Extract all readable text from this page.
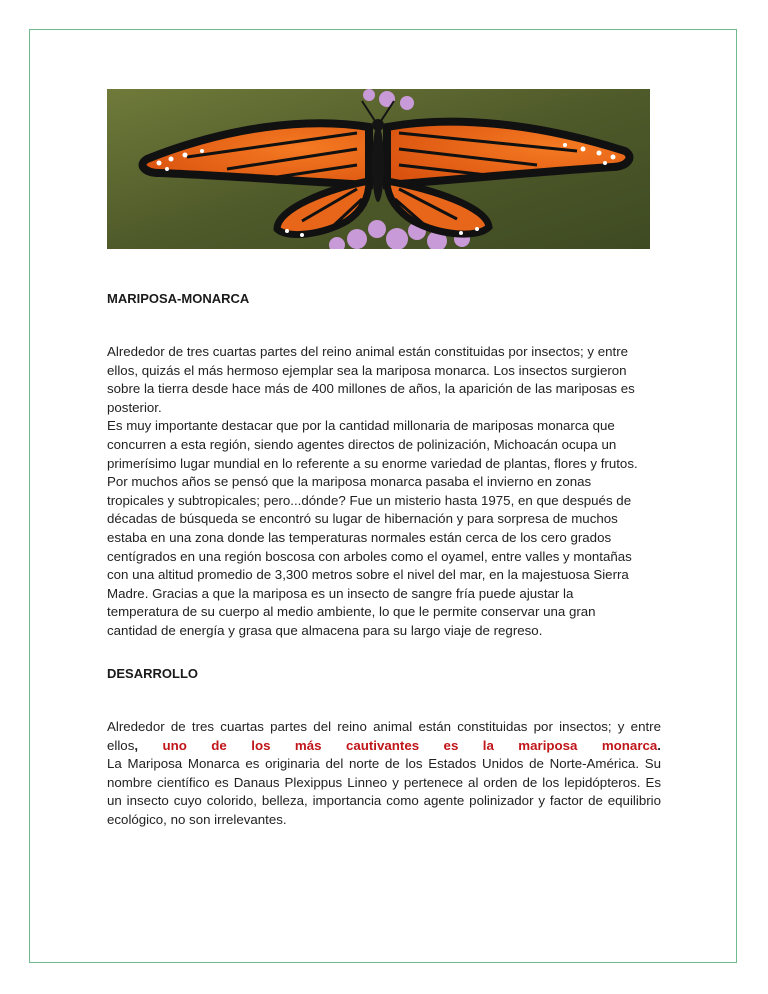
MARIPOSA-MONARCA

Alrededor de tres cuartas partes del reino animal están constituidas por insectos; y entre
ellos, quizás el más hermoso ejemplar sea la mariposa monarca. Los insectos surgieron
sobre la tierra desde hace más de 400 millones de años, la aparición de las mariposas es
posterior.
Es muy importante destacar que por la cantidad millonaria de mariposas monarca que
concurren a esta región, siendo agentes directos de polinización, Michoacán ocupa un
primerísimo lugar mundial en lo referente a su enorme variedad de plantas, flores y frutos.
Por muchos años se pensó que la mariposa monarca pasaba el invierno en zonas
tropicales y subtropicales; pero...dónde? Fue un misterio hasta 1975, en que después de
décadas de búsqueda se encontró su lugar de hibernación y para sorpresa de muchos
estaba en una zona donde las temperaturas normales están cerca de los cero grados
centígrados en una región boscosa con arboles como el oyamel, entre valles y montañas
con una altitud promedio de 3,300 metros sobre el nivel del mar, en la majestuosa Sierra
Madre. Gracias a que la mariposa es un insecto de sangre fría puede ajustar la
temperatura de su cuerpo al medio ambiente, lo que le permite conservar una gran
cantidad de energía y grasa que almacena para su largo viaje de regreso.

DESARROLLO
Alrededor de tres cuartas partes del reino animal están constituidas por insectos; y entre
ellos, uno de los más cautivantes es la mariposa monarca.
La Mariposa Monarca es originaria del norte de los Estados Unidos de Norte-América. Su nombre científico es Danaus Plexippus Linneo y pertenece al orden de los lepidópteros. Es un insecto cuyo colorido, belleza, importancia como agente polinizador y factor de equilibrio ecológico, no son irrelevantes.
